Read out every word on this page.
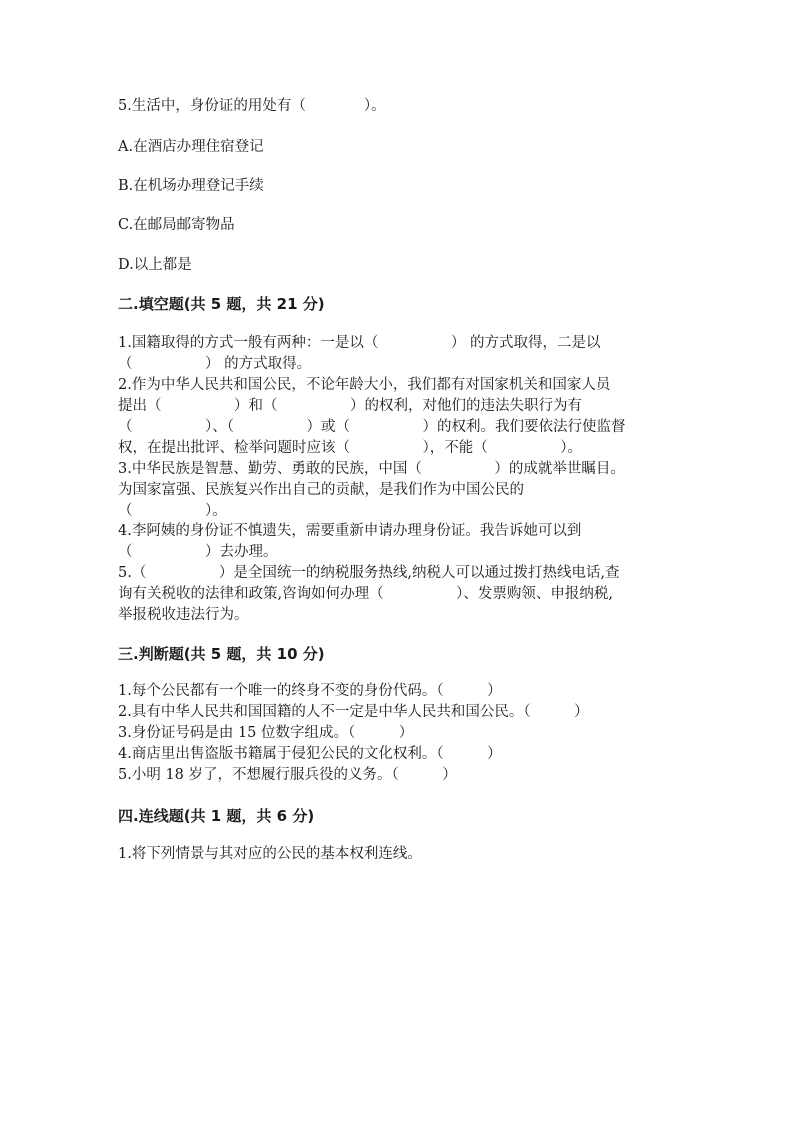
5.生活中，身份证的用处有（　　　　）。
A.在酒店办理住宿登记
B.在机场办理登记手续
C.在邮局邮寄物品
D.以上都是
二.填空题(共 5 题，共 21 分)
1.国籍取得的方式一般有两种：一是以（　　　　　） 的方式取得，二是以
（　　　　　） 的方式取得。
2.作为中华人民共和国公民，不论年龄大小，我们都有对国家机关和国家人员
提出（　　　　　）和（　　　　　）的权利，对他们的违法失职行为有
（　　　　　）、（　　　　　）或（　　　　　）的权利。我们要依法行使监督
权，在提出批评、检举问题时应该（　　　　　），不能（　　　　　）。
3.中华民族是智慧、勤劳、勇敢的民族，中国（　　　　　）的成就举世瞩目。
为国家富强、民族复兴作出自己的贡献，是我们作为中国公民的
（　　　　　）。
4.李阿姨的身份证不慎遗失，需要重新申请办理身份证。我告诉她可以到
（　　　　　）去办理。
5.（　　　　　）是全国统一的纳税服务热线,纳税人可以通过拨打热线电话,查
询有关税收的法律和政策,咨询如何办理（　　　　　）、发票购领、申报纳税,
举报税收违法行为。
三.判断题(共 5 题，共 10 分)
1.每个公民都有一个唯一的终身不变的身份代码。（　　　）
2.具有中华人民共和国国籍的人不一定是中华人民共和国公民。（　　　）
3.身份证号码是由 15 位数字组成。（　　　）
4.商店里出售盗版书籍属于侵犯公民的文化权利。（　　　）
5.小明 18 岁了，不想履行服兵役的义务。（　　　）
四.连线题(共 1 题，共 6 分)
1.将下列情景与其对应的公民的基本权利连线。
